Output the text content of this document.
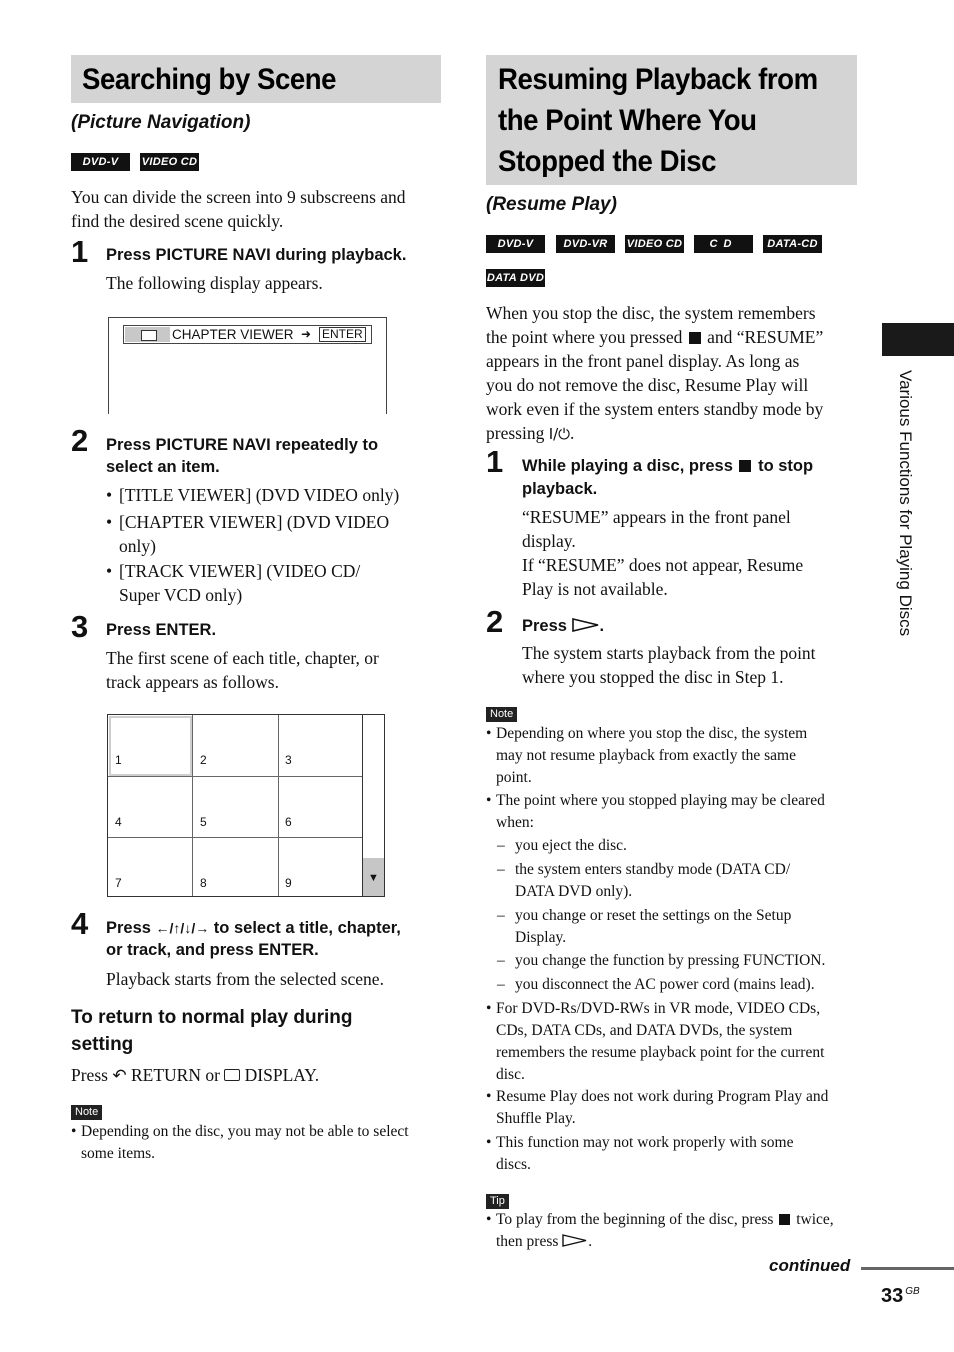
Searching by Scene
(Picture Navigation)
DVD-V	VIDEO CD
You can divide the screen into 9 subscreens and
find the desired scene quickly.
1 Press PICTURE NAVI during playback.
The following display appears.
CHAPTER VIEWER ➜ ENTER
2 Press PICTURE NAVI repeatedly to
select an item.
• [TITLE VIEWER] (DVD VIDEO only)
• [CHAPTER VIEWER] (DVD VIDEO
only)
• [TRACK VIEWER] (VIDEO CD/
Super VCD only)
3 Press ENTER.
The first scene of each title, chapter, or
track appears as follows.
▼
1	2	3
4	5	6
7	8	9
4 Press ←/↑/↓/→ to select a title, chapter,
or track, and press ENTER.
Playback starts from the selected scene.
To return to normal play during
setting
Press ↶ RETURN or  DISPLAY.
Note
• Depending on the disc, you may not be able to select
some items.
Resuming Playback from
the Point Where You
Stopped the Disc
(Resume Play)
DVD-V	DVD-VR	VIDEO CD	CD	DATA-CD
DATA DVD
When you stop the disc, the system remembers
the point where you pressed  and “RESUME”
appears in the front panel display. As long as
you do not remove the disc, Resume Play will
work even if the system enters standby mode by
pressing I/⏻.
1 While playing a disc, press  to stop
playback.
“RESUME” appears in the front panel
display.
If “RESUME” does not appear, Resume
Play is not available.
2 Press .
The system starts playback from the point
where you stopped the disc in Step 1.
Note
• Depending on where you stop the disc, the system
may not resume playback from exactly the same
point.
• The point where you stopped playing may be cleared
when:
– you eject the disc.
– the system enters standby mode (DATA CD/
DATA DVD only).
– you change or reset the settings on the Setup
Display.
– you change the function by pressing FUNCTION.
– you disconnect the AC power cord (mains lead).
• For DVD-Rs/DVD-RWs in VR mode, VIDEO CDs,
CDs, DATA CDs, and DATA DVDs, the system
remembers the resume playback point for the current
disc.
• Resume Play does not work during Program Play and
Shuffle Play.
• This function may not work properly with some
discs.
Tip
• To play from the beginning of the disc, press  twice,
then press .
Various Functions for Playing Discs
continued
33 $^{GB}$
